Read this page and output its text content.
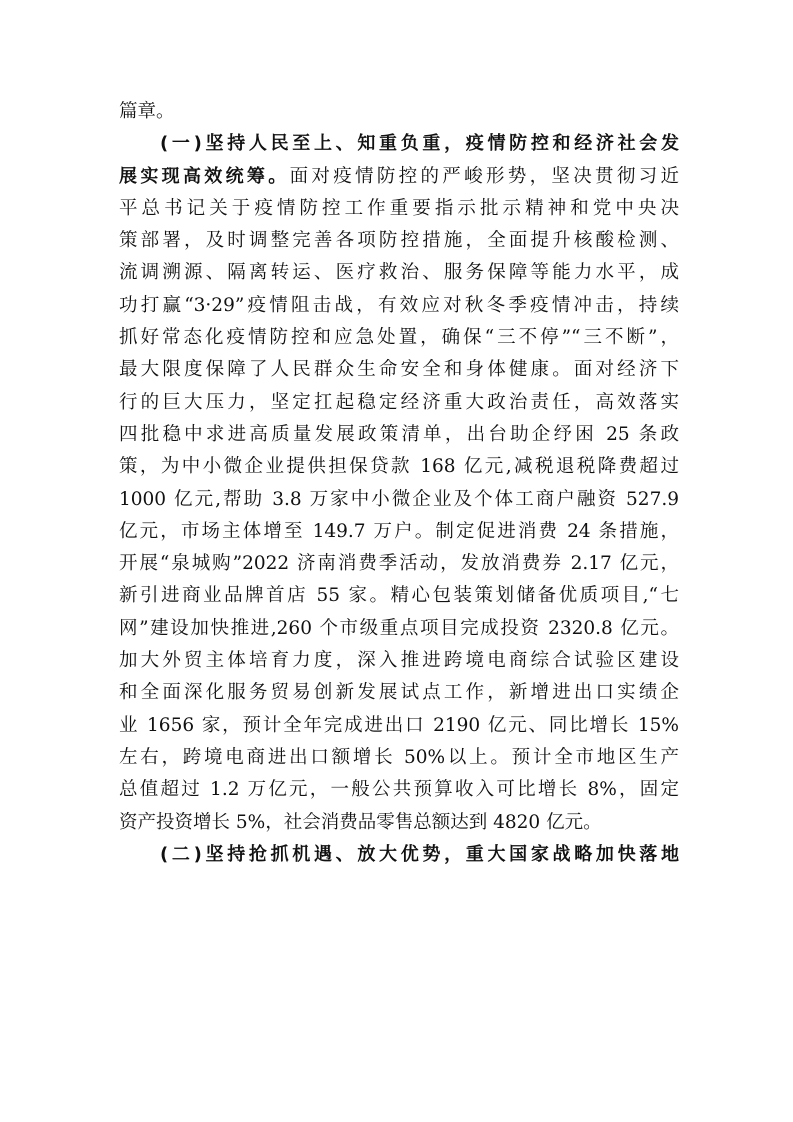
篇章。
(一)坚持人民至上、知重负重，疫情防控和经济社会发
展实现高效统筹。面对疫情防控的严峻形势，坚决贯彻习近
平总书记关于疫情防控工作重要指示批示精神和党中央决
策部署，及时调整完善各项防控措施，全面提升核酸检测、
流调溯源、隔离转运、医疗救治、服务保障等能力水平，成
功打赢“3·29”疫情阻击战，有效应对秋冬季疫情冲击，持续
抓好常态化疫情防控和应急处置，确保“三不停”“三不断”，
最大限度保障了人民群众生命安全和身体健康。面对经济下
行的巨大压力，坚定扛起稳定经济重大政治责任，高效落实
四批稳中求进高质量发展政策清单，出台助企纾困 25 条政
策，为中小微企业提供担保贷款 168 亿元,减税退税降费超过
1000 亿元,帮助 3.8 万家中小微企业及个体工商户融资 527.9
亿元，市场主体增至 149.7 万户。制定促进消费 24 条措施，
开展“泉城购”2022 济南消费季活动，发放消费券 2.17 亿元，
新引进商业品牌首店 55 家。精心包装策划储备优质项目,“七
网”建设加快推进,260 个市级重点项目完成投资 2320.8 亿元。
加大外贸主体培育力度，深入推进跨境电商综合试验区建设
和全面深化服务贸易创新发展试点工作，新增进出口实绩企
业 1656 家，预计全年完成进出口 2190 亿元、同比增长 15%
左右，跨境电商进出口额增长 50%以上。预计全市地区生产
总值超过 1.2 万亿元，一般公共预算收入可比增长 8%，固定
资产投资增长 5%，社会消费品零售总额达到 4820 亿元。
(二)坚持抢抓机遇、放大优势，重大国家战略加快落地
